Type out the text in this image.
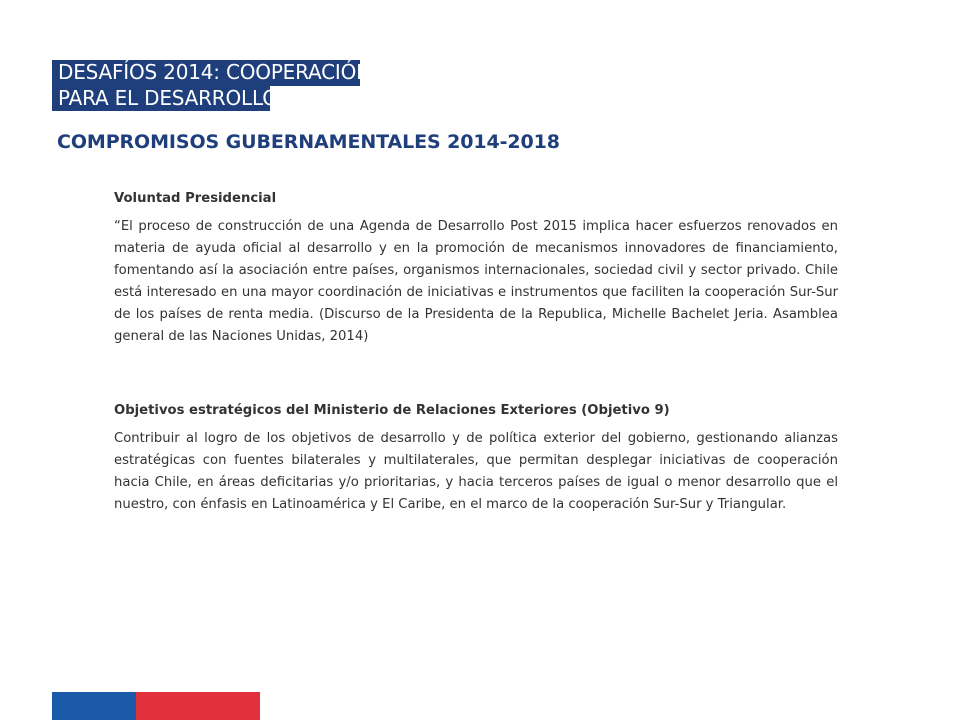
DESAFÍOS 2014: COOPERACIÓN
PARA EL DESARROLLO
COMPROMISOS GUBERNAMENTALES 2014-2018

Voluntad Presidencial

“El proceso de construcción de una Agenda de Desarrollo Post 2015 implica hacer esfuerzos renovados en materia de ayuda oficial al desarrollo y en la promoción de mecanismos innovadores de financiamiento, fomentando así la asociación entre países, organismos internacionales, sociedad civil y sector privado. Chile está interesado en una mayor coordinación de iniciativas e instrumentos que faciliten la cooperación Sur-Sur de los países de renta media. (Discurso de la Presidenta de la Republica, Michelle Bachelet Jeria. Asamblea general de las Naciones Unidas, 2014)

Objetivos estratégicos del Ministerio de Relaciones Exteriores (Objetivo 9)

Contribuir al logro de los objetivos de desarrollo y de política exterior del gobierno, gestionando alianzas estratégicas con fuentes bilaterales y multilaterales, que permitan desplegar iniciativas de cooperación hacia Chile, en áreas deficitarias y/o prioritarias, y hacia terceros países de igual o menor desarrollo que el nuestro, con énfasis en Latinoamérica y El Caribe, en el marco de la cooperación Sur-Sur y Triangular.
